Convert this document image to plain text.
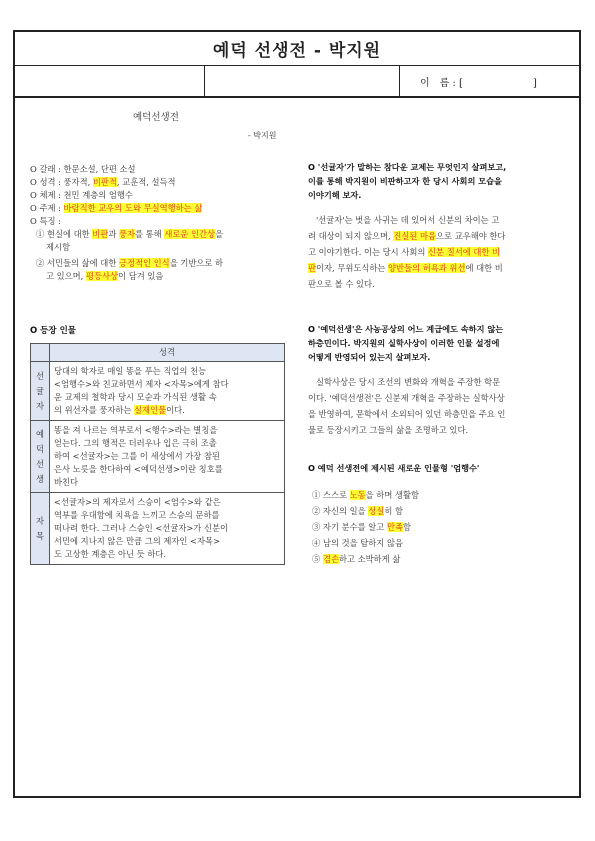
예덕 선생전 - 박지원
이　름 : [	]
예덕선생전
- 박지원
O 갈래 : 한문소설, 단편 소설
O 성격 : 풍자적, 비판적, 교훈적, 설득적
O 체제 : 천민 계층의 엄행수
O 주제 : 바람직한 교우의 도와 무실역행하는 삶
O 특징 :
① 현실에 대한 비판과 풍자를 통해 새로운 인간상을
제시함
② 서민들의 삶에 대한 긍정적인 인식을 기반으로 하
고 있으며, 평등사상이 담겨 있음
O 등장 인물
	성격

선귤자	당대의 학자로 매일 똥을 푸는 직업의 천능
<엄행수>와 친교하면서 제자 <자목>에게 참다
운 교제의 철학과 당시 모순과 가식된 생활 속
의 위선자를 풍자하는 실재인물이다.

예덕선생	똥을 져 나르는 역부로서 <행수>라는 별칭을
얻는다. 그의 행적은 더러우나 입은 극히 조촐
하여 <선귤자>는 그를 이 세상에서 가장 참된
은사 노릇을 한다하여 <예덕선생>이란 칭호를
바친다

자목	<선귤자>의 제자로서 스승이 <엄수>와 같은
역부를 우대함에 치욕을 느끼고 스승의 문하를
떠나려 한다. 그러나 스승인 <선귤자>가 신분이
서민에 지나지 않은 만큼 그의 제자인 <자목>
도 고상한 계층은 아닌 듯 하다.
O '선귤자'가 말하는 참다운 교제는 무엇인지 살펴보고,
이를 통해 박지원이 비판하고자 한 당시 사회의 모습을
이야기해 보자.
'선귤자'는 벗을 사귀는 데 있어서 신분의 차이는 고
려 대상이 되지 않으며, 진실된 마음으로 교우해야 한다
고 이야기한다. 이는 당시 사회의 신분 질서에 대한 비
판이자, 무위도식하는 양반들의 허욕과 위선에 대한 비
판으로 볼 수 있다.
O '예덕선생'은 사농공상의 어느 계급에도 속하지 않는
하층민이다. 박지원의 실학사상이 이러한 인물 설정에
어떻게 반영되어 있는지 살펴보자.
실학사상은 당시 조선의 변화와 개혁을 주장한 학문
이다. '예덕선생전'은 신분제 개혁을 주장하는 실학사상
을 반영하여, 문학에서 소외되어 있던 하층민을 주요 인
물로 등장시키고 그들의 삶을 조명하고 있다.
O 예덕 선생전에 제시된 새로운 인물형 '엄행수'
① 스스로 노동을 하며 생활함
② 자신의 일을 성실히 함
③ 자기 분수를 알고 만족함
④ 남의 것을 탐하지 않음
⑤ 겸손하고 소박하게 삶
